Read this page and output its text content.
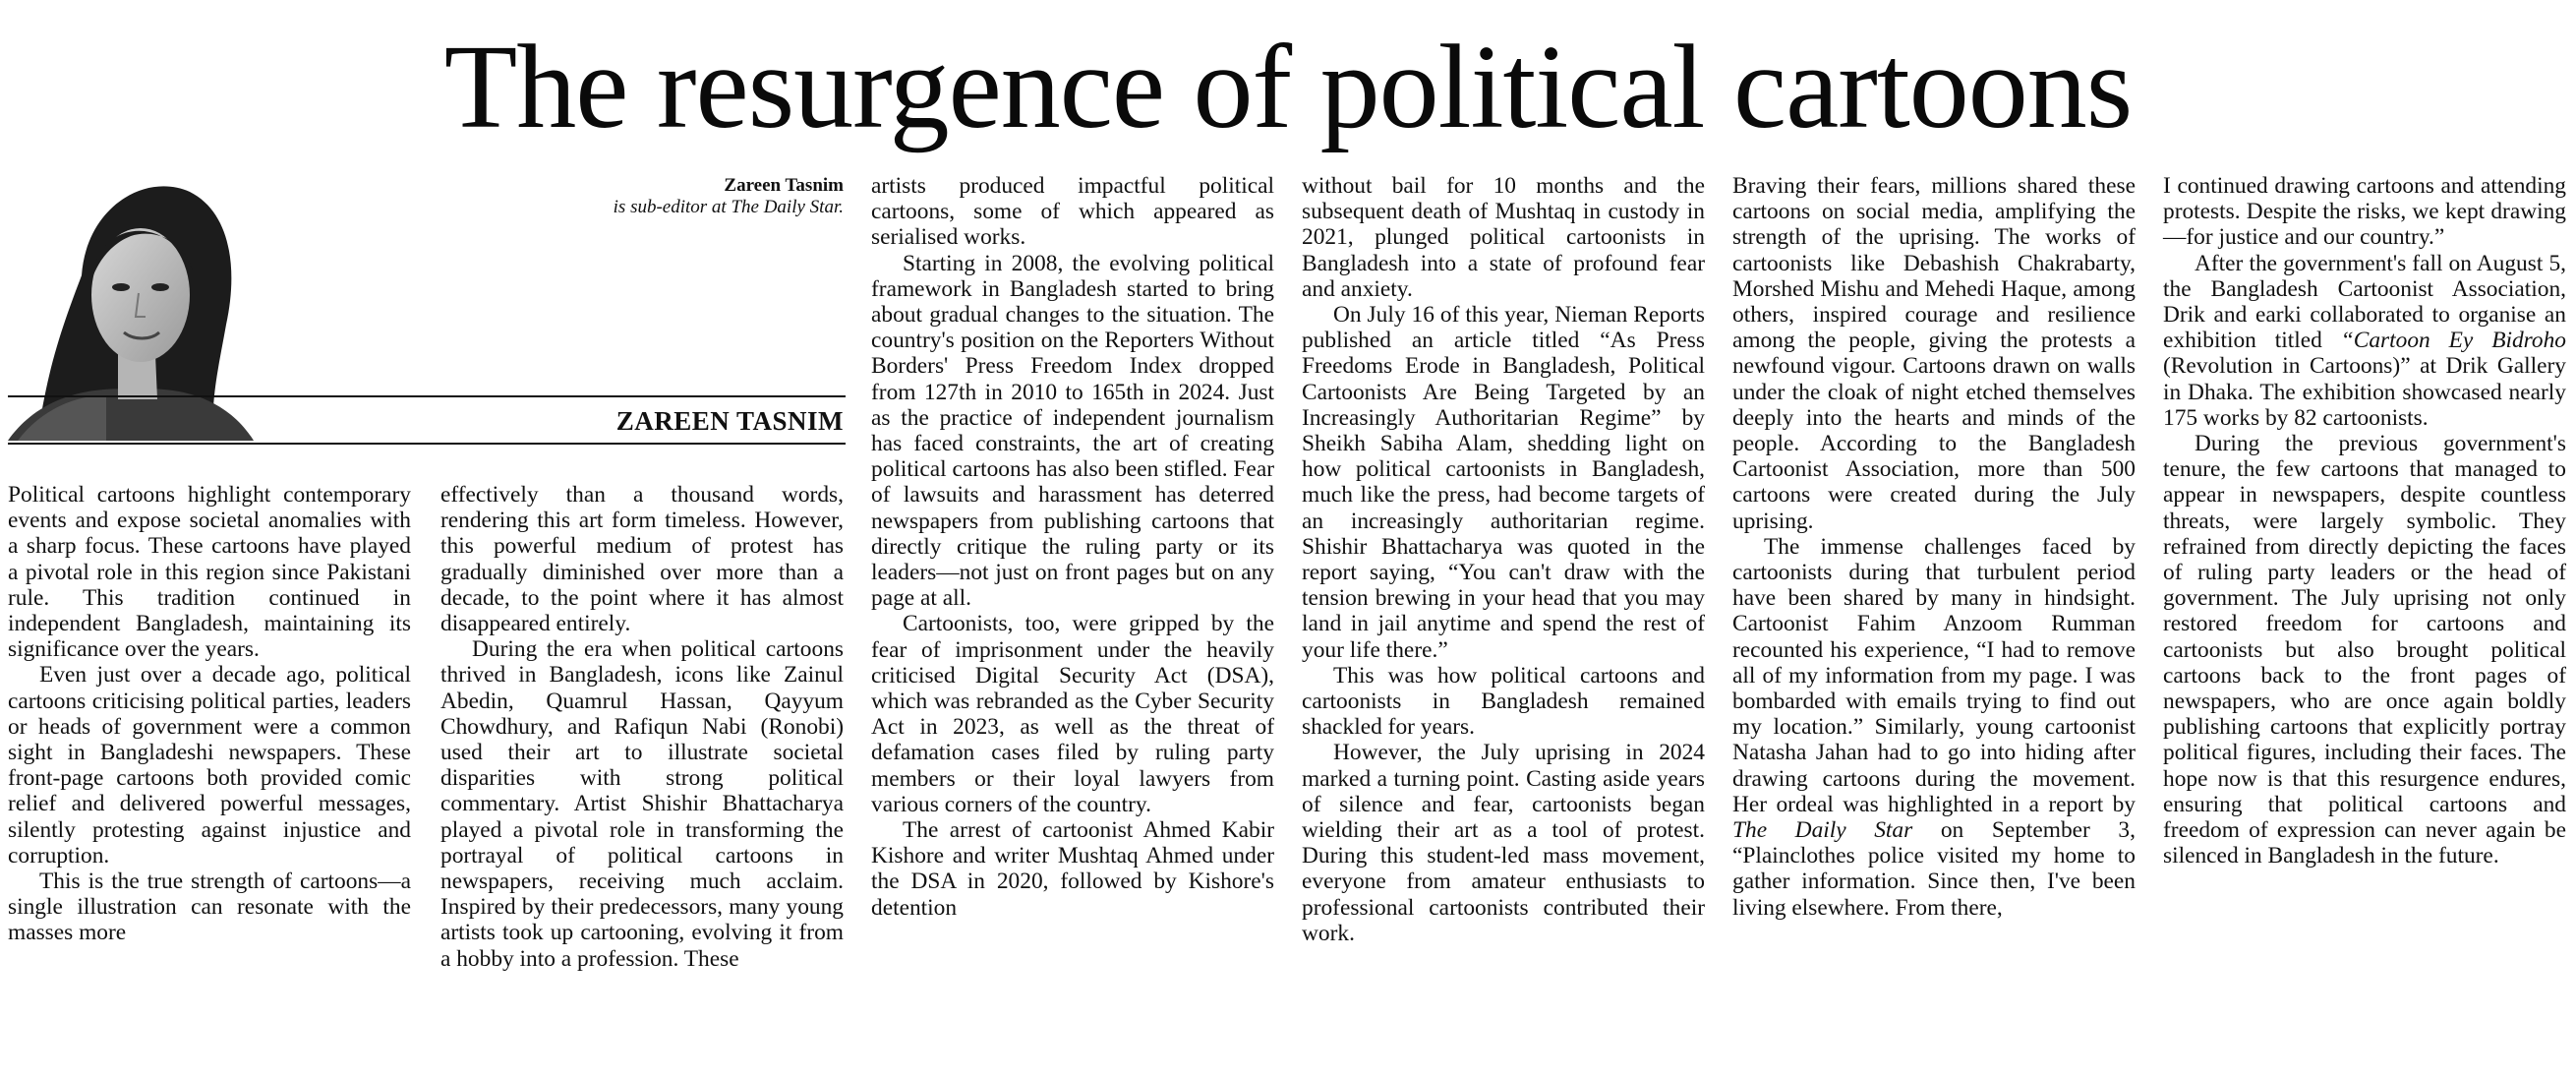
The resurgence of political cartoons
Zareen Tasnim
is sub-editor at The Daily Star.
ZAREEN TASNIM

Political cartoons highlight contemporary events and expose societal anomalies with a sharp focus. These cartoons have played a pivotal role in this region since Pakistani rule. This tradition continued in independent Bangladesh, maintaining its significance over the years.

Even just over a decade ago, political cartoons criticising political parties, leaders or heads of government were a common sight in Bangladeshi newspapers. These front-page cartoons both provided comic relief and delivered powerful messages, silently protesting against injustice and corruption.

This is the true strength of cartoons—a single illustration can resonate with the masses more

effectively than a thousand words, rendering this art form timeless. However, this powerful medium of protest has gradually diminished over more than a decade, to the point where it has almost disappeared entirely.

During the era when political cartoons thrived in Bangladesh, icons like Zainul Abedin, Quamrul Hassan, Qayyum Chowdhury, and Rafiqun Nabi (Ronobi) used their art to illustrate societal disparities with strong political commentary. Artist Shishir Bhattacharya played a pivotal role in transforming the portrayal of political cartoons in newspapers, receiving much acclaim. Inspired by their predecessors, many young artists took up cartooning, evolving it from a hobby into a profession. These

artists produced impactful political cartoons, some of which appeared as serialised works.

Starting in 2008, the evolving political framework in Bangladesh started to bring about gradual changes to the situation. The country's position on the Reporters Without Borders' Press Freedom Index dropped from 127th in 2010 to 165th in 2024. Just as the practice of independent journalism has faced constraints, the art of creating political cartoons has also been stifled. Fear of lawsuits and harassment has deterred newspapers from publishing cartoons that directly critique the ruling party or its leaders—not just on front pages but on any page at all.

Cartoonists, too, were gripped by the fear of imprisonment under the heavily criticised Digital Security Act (DSA), which was rebranded as the Cyber Security Act in 2023, as well as the threat of defamation cases filed by ruling party members or their loyal lawyers from various corners of the country.

The arrest of cartoonist Ahmed Kabir Kishore and writer Mushtaq Ahmed under the DSA in 2020, followed by Kishore's detention

without bail for 10 months and the subsequent death of Mushtaq in custody in 2021, plunged political cartoonists in Bangladesh into a state of profound fear and anxiety.

On July 16 of this year, Nieman Reports published an article titled “As Press Freedoms Erode in Bangladesh, Political Cartoonists Are Being Targeted by an Increasingly Authoritarian Regime” by Sheikh Sabiha Alam, shedding light on how political cartoonists in Bangladesh, much like the press, had become targets of an increasingly authoritarian regime. Shishir Bhattacharya was quoted in the report saying, “You can't draw with the tension brewing in your head that you may land in jail anytime and spend the rest of your life there.”

This was how political cartoons and cartoonists in Bangladesh remained shackled for years.

However, the July uprising in 2024 marked a turning point. Casting aside years of silence and fear, cartoonists began wielding their art as a tool of protest. During this student-led mass movement, everyone from amateur enthusiasts to professional cartoonists contributed their work.

Braving their fears, millions shared these cartoons on social media, amplifying the strength of the uprising. The works of cartoonists like Debashish Chakrabarty, Morshed Mishu and Mehedi Haque, among others, inspired courage and resilience among the people, giving the protests a newfound vigour. Cartoons drawn on walls under the cloak of night etched themselves deeply into the hearts and minds of the people. According to the Bangladesh Cartoonist Association, more than 500 cartoons were created during the July uprising.

The immense challenges faced by cartoonists during that turbulent period have been shared by many in hindsight. Cartoonist Fahim Anzoom Rumman recounted his experience, “I had to remove all of my information from my page. I was bombarded with emails trying to find out my location.” Similarly, young cartoonist Natasha Jahan had to go into hiding after drawing cartoons during the movement. Her ordeal was highlighted in a report by The Daily Star on September 3, “Plainclothes police visited my home to gather information. Since then, I've been living elsewhere. From there,

I continued drawing cartoons and attending protests. Despite the risks, we kept drawing—for justice and our country.”

After the government's fall on August 5, the Bangladesh Cartoonist Association, Drik and earki collaborated to organise an exhibition titled “Cartoon Ey Bidroho (Revolution in Cartoons)” at Drik Gallery in Dhaka. The exhibition showcased nearly 175 works by 82 cartoonists.

During the previous government's tenure, the few cartoons that managed to appear in newspapers, despite countless threats, were largely symbolic. They refrained from directly depicting the faces of ruling party leaders or the head of government. The July uprising not only restored freedom for cartoons and cartoonists but also brought political cartoons back to the front pages of newspapers, who are once again boldly publishing cartoons that explicitly portray political figures, including their faces. The hope now is that this resurgence endures, ensuring that political cartoons and freedom of expression can never again be silenced in Bangladesh in the future.
